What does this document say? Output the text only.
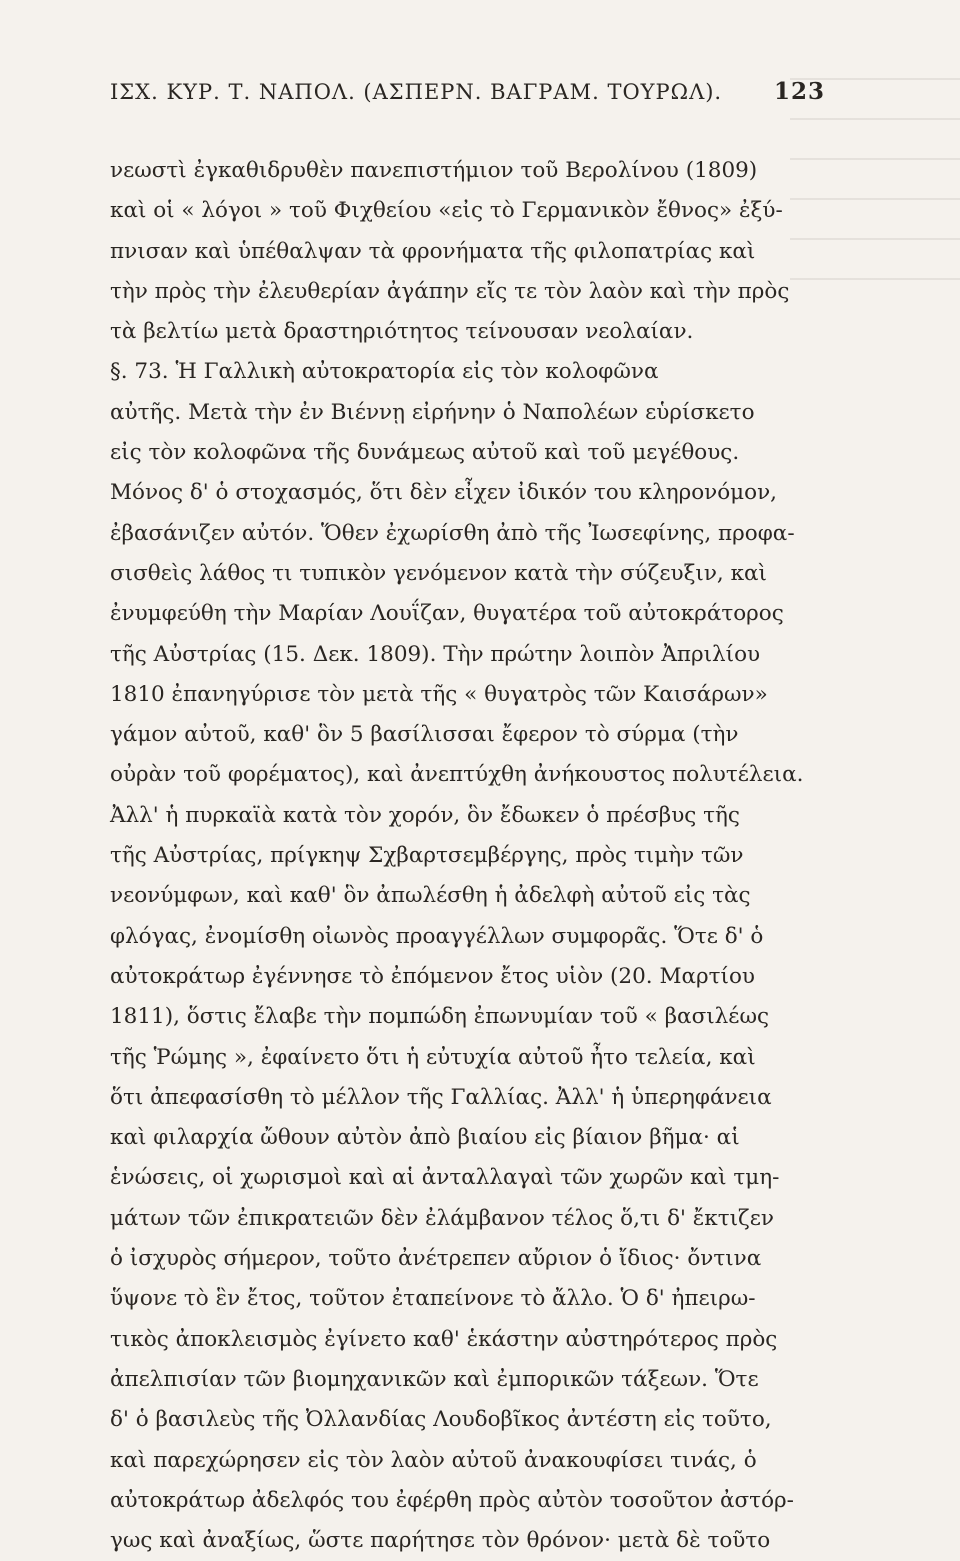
ΙΣΧ. ΚΥΡ. Τ. ΝΑΠΟΛ. (ΑΣΠΕΡΝ. ΒΑΓΡΑΜ. ΤΟΥΡΩΛ). 123
νεωστὶ ἐγκαθιδρυθὲν πανεπιστήμιον τοῦ Βερολίνου (1809)
καὶ οἱ « λόγοι » τοῦ Φιχθείου «εἰς τὸ Γερμανικὸν ἔθνος» ἐξύ-
πνισαν καὶ ὑπέθαλψαν τὰ φρονήματα τῆς φιλοπατρίας καὶ
τὴν πρὸς τὴν ἐλευθερίαν ἀγάπην εἴς τε τὸν λαὸν καὶ τὴν πρὸς
τὰ βελτίω μετὰ δραστηριότητος τείνουσαν νεολαίαν.
§. 73. Ἡ Γαλλικὴ αὐτοκρατορία εἰς τὸν κολοφῶνα
αὐτῆς. Μετὰ τὴν ἐν Βιέννῃ εἰρήνην ὁ Ναπολέων εὑρίσκετο
εἰς τὸν κολοφῶνα τῆς δυνάμεως αὐτοῦ καὶ τοῦ μεγέθους.
Μόνος δ' ὁ στοχασμός, ὅτι δὲν εἶχεν ἰδικόν του κληρονόμον,
ἐβασάνιζεν αὐτόν. Ὅθεν ἐχωρίσθη ἀπὸ τῆς Ἰωσεφίνης, προφα-
σισθεὶς λάθος τι τυπικὸν γενόμενον κατὰ τὴν σύζευξιν, καὶ
ἐνυμφεύθη τὴν Μαρίαν Λουΐζαν, θυγατέρα τοῦ αὐτοκράτορος
τῆς Αὐστρίας (15. Δεκ. 1809). Τὴν πρώτην λοιπὸν Ἀπριλίου
1810 ἐπανηγύρισε τὸν μετὰ τῆς « θυγατρὸς τῶν Καισάρων»
γάμον αὐτοῦ, καθ' ὃν 5 βασίλισσαι ἔφερον τὸ σύρμα (τὴν
οὐρὰν τοῦ φορέματος), καὶ ἀνεπτύχθη ἀνήκουστος πολυτέλεια.
Ἀλλ' ἡ πυρκαϊὰ κατὰ τὸν χορόν, ὃν ἔδωκεν ὁ πρέσβυς τῆς
τῆς Αὐστρίας, πρίγκηψ Σχβαρτσεμβέργης, πρὸς τιμὴν τῶν
νεονύμφων, καὶ καθ' ὃν ἀπωλέσθη ἡ ἀδελφὴ αὐτοῦ εἰς τὰς
φλόγας, ἐνομίσθη οἰωνὸς προαγγέλλων συμφορᾶς. Ὅτε δ' ὁ
αὐτοκράτωρ ἐγέννησε τὸ ἐπόμενον ἔτος υἱὸν (20. Μαρτίου
1811), ὅστις ἔλαβε τὴν πομπώδη ἐπωνυμίαν τοῦ « βασιλέως
τῆς Ῥώμης », ἐφαίνετο ὅτι ἡ εὐτυχία αὐτοῦ ἦτο τελεία, καὶ
ὅτι ἀπεφασίσθη τὸ μέλλον τῆς Γαλλίας. Ἀλλ' ἡ ὑπερηφάνεια
καὶ φιλαρχία ὤθουν αὐτὸν ἀπὸ βιαίου εἰς βίαιον βῆμα· αἱ
ἑνώσεις, οἱ χωρισμοὶ καὶ αἱ ἀνταλλαγαὶ τῶν χωρῶν καὶ τμη-
μάτων τῶν ἐπικρατειῶν δὲν ἐλάμβανον τέλος ὅ,τι δ' ἔκτιζεν
ὁ ἰσχυρὸς σήμερον, τοῦτο ἀνέτρεπεν αὔριον ὁ ἴδιος· ὄντινα
ὕψονε τὸ ἓν ἔτος, τοῦτον ἐταπείνονε τὸ ἄλλο. Ὁ δ' ἠπειρω-
τικὸς ἀποκλεισμὸς ἐγίνετο καθ' ἑκάστην αὐστηρότερος πρὸς
ἀπελπισίαν τῶν βιομηχανικῶν καὶ ἐμπορικῶν τάξεων. Ὅτε
δ' ὁ βασιλεὺς τῆς Ὀλλανδίας Λουδοβῖκος ἀντέστη εἰς τοῦτο,
καὶ παρεχώρησεν εἰς τὸν λαὸν αὐτοῦ ἀνακουφίσει τινάς, ὁ
αὐτοκράτωρ ἀδελφός του ἐφέρθη πρὸς αὐτὸν τοσοῦτον ἀστόρ-
γως καὶ ἀναξίως, ὥστε παρήτησε τὸν θρόνον· μετὰ δὲ τοῦτο
